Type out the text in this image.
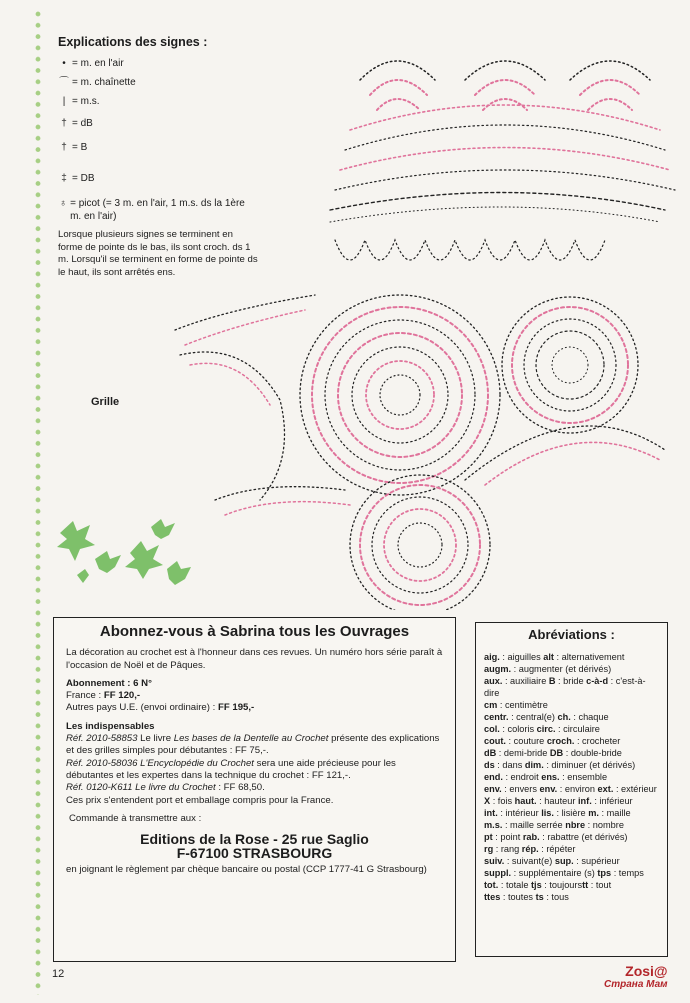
Explications des signes :
• = m. en l'air
⌒ = m. chaînette
| = m.s.
† = dB
† = B
‡ = DB
♁ = picot (= 3 m. en l'air, 1 m.s. ds la 1ère m. en l'air)
Lorsque plusieurs signes se terminent en forme de pointe ds le bas, ils sont croch. ds 1 m. Lorsqu'il se terminent en forme de pointe ds le haut, ils sont arrêtés ens.
Grille
Abonnez-vous à Sabrina tous les Ouvrages

La décoration au crochet est à l'honneur dans ces revues. Un numéro hors série paraît à l'occasion de Noël et de Pâques.

Abonnement : 6 N°

France : FF 120,-

Autres pays U.E. (envoi ordinaire) : FF 195,-

Les indispensables

Réf. 2010-58853 Le livre Les bases de la Dentelle au Crochet présente des explications et des grilles simples pour débutantes : FF 75,-.

Réf. 2010-58036 L'Encyclopédie du Crochet sera une aide précieuse pour les débutantes et les expertes dans la technique du crochet : FF 121,-.

Réf. 0120-K611 Le livre du Crochet : FF 68,50.

Ces prix s'entendent port et emballage compris pour la France.

Commande à transmettre aux :

Editions de la Rose - 25 rue Saglio

F-67100 STRASBOURG

en joignant le règlement par chèque bancaire ou postal (CCP 1777-41 G Strasbourg)

Abréviations :

aig. : aiguilles alt : alternativement

augm. : augmenter (et dérivés)

aux. : auxiliaire B : bride c-à-d : c'est-à-dire

cm : centimètre

centr. : central(e) ch. : chaque

col. : coloris circ. : circulaire

cout. : couture croch. : crocheter

dB : demi-bride DB : double-bride

ds : dans dim. : diminuer (et dérivés)

end. : endroit ens. : ensemble

env. : envers env. : environ ext. : extérieur

X : fois haut. : hauteur inf. : inférieur

int. : intérieur lis. : lisière m. : maille

m.s. : maille serrée nbre : nombre

pt : point rab. : rabattre (et dérivés)

rg : rang rép. : répéter

suiv. : suivant(e) sup. : supérieur

suppl. : supplémentaire (s) tps : temps

tot. : totale tjs : toujourstt : tout

ttes : toutes ts : tous

12	Zosi@
Страна Мам
